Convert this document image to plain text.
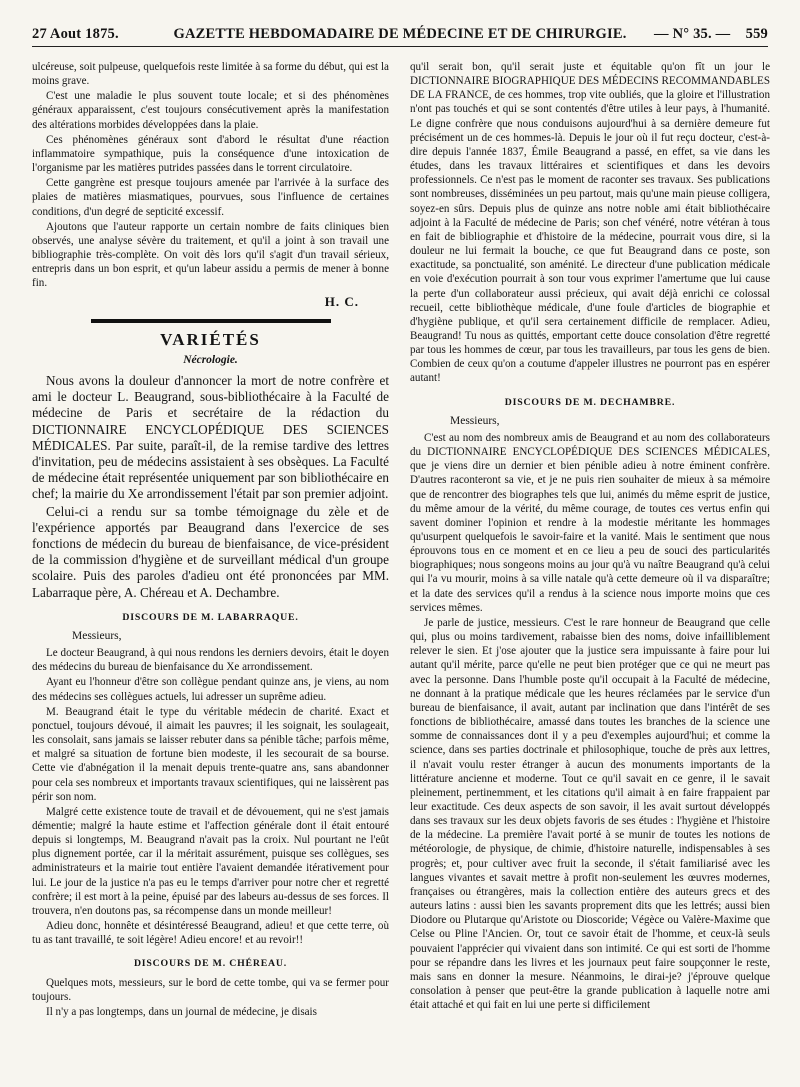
27 Aout 1875.	GAZETTE HEBDOMADAIRE DE MÉDECINE ET DE CHIRURGIE.	— N° 35. — 559

ulcéreuse, soit pulpeuse, quelquefois reste limitée à sa forme du début, qui est la moins grave.

C'est une maladie le plus souvent toute locale; et si des phénomènes généraux apparaissent, c'est toujours consécutivement après la manifestation des altérations morbides développées dans la plaie.

Ces phénomènes généraux sont d'abord le résultat d'une réaction inflammatoire sympathique, puis la conséquence d'une intoxication de l'organisme par les matières putrides passées dans le torrent circulatoire.

Cette gangrène est presque toujours amenée par l'arrivée à la surface des plaies de matières miasmatiques, pourvues, sous l'influence de certaines conditions, d'un degré de septicité excessif.

Ajoutons que l'auteur rapporte un certain nombre de faits cliniques bien observés, une analyse sévère du traitement, et qu'il a joint à son travail une bibliographie très-complète. On voit dès lors qu'il s'agit d'un travail sérieux, entrepris dans un bon esprit, et qu'un labeur assidu a permis de mener à bonne fin.

H. C.
VARIÉTÉS
Nécrologie.

Nous avons la douleur d'annoncer la mort de notre confrère et ami le docteur L. Beaugrand, sous-bibliothécaire à la Faculté de médecine de Paris et secrétaire de la rédaction du DICTIONNAIRE ENCYCLOPÉDIQUE DES SCIENCES MÉDICALES. Par suite, paraît-il, de la remise tardive des lettres d'invitation, peu de médecins assistaient à ses obsèques. La Faculté de médecine était représentée uniquement par son bibliothécaire en chef; la mairie du Xe arrondissement l'était par son premier adjoint.

Celui-ci a rendu sur sa tombe témoignage du zèle et de l'expérience apportés par Beaugrand dans l'exercice de ses fonctions de médecin du bureau de bienfaisance, de vice-président de la commission d'hygiène et de surveillant médical d'un groupe scolaire. Puis des paroles d'adieu ont été prononcées par MM. Labarraque père, A. Chéreau et A. Dechambre.

DISCOURS DE M. LABARRAQUE.
Messieurs,

Le docteur Beaugrand, à qui nous rendons les derniers devoirs, était le doyen des médecins du bureau de bienfaisance du Xe arrondissement.

Ayant eu l'honneur d'être son collègue pendant quinze ans, je viens, au nom des médecins ses collègues actuels, lui adresser un suprême adieu.

M. Beaugrand était le type du véritable médecin de charité. Exact et ponctuel, toujours dévoué, il aimait les pauvres; il les soignait, les soulageait, les consolait, sans jamais se laisser rebuter dans sa pénible tâche; parfois même, et malgré sa situation de fortune bien modeste, il les secourait de sa bourse. Cette vie d'abnégation il la menait depuis trente-quatre ans, sans abandonner pour cela ses nombreux et importants travaux scientifiques, qui ne laissèrent pas périr son nom.

Malgré cette existence toute de travail et de dévouement, qui ne s'est jamais démentie; malgré la haute estime et l'affection générale dont il était entouré depuis si longtemps, M. Beaugrand n'avait pas la croix. Nul pourtant ne l'eût plus dignement portée, car il la méritait assurément, puisque ses collègues, ses administrateurs et la mairie tout entière l'avaient demandée itérativement pour lui. Le jour de la justice n'a pas eu le temps d'arriver pour notre cher et regretté confrère; il est mort à la peine, épuisé par des labeurs au-dessus de ses forces. Il trouvera, n'en doutons pas, sa récompense dans un monde meilleur!

Adieu donc, honnête et désintéressé Beaugrand, adieu! et que cette terre, où tu as tant travaillé, te soit légère! Adieu encore! et au revoir!!

DISCOURS DE M. CHÉREAU.

Quelques mots, messieurs, sur le bord de cette tombe, qui va se fermer pour toujours.

Il n'y a pas longtemps, dans un journal de médecine, je disais

qu'il serait bon, qu'il serait juste et équitable qu'on fît un jour le DICTIONNAIRE BIOGRAPHIQUE DES MÉDECINS RECOMMANDABLES DE LA FRANCE, de ces hommes, trop vite oubliés, que la gloire et l'illustration n'ont pas touchés et qui se sont contentés d'être utiles à leur pays, à l'humanité. Le digne confrère que nous conduisons aujourd'hui à sa dernière demeure fut précisément un de ces hommes-là. Depuis le jour où il fut reçu docteur, c'est-à-dire depuis l'année 1837, Émile Beaugrand a passé, en effet, sa vie dans les études, dans les travaux littéraires et scientifiques et dans les devoirs professionnels. Ce n'est pas le moment de raconter ses travaux. Ses publications sont nombreuses, disséminées un peu partout, mais qu'une main pieuse colligera, soyez-en sûrs. Depuis plus de quinze ans notre noble ami était bibliothécaire adjoint à la Faculté de médecine de Paris; son chef vénéré, notre vétéran à tous en fait de bibliographie et d'histoire de la médecine, pourrait vous dire, si la douleur ne lui fermait la bouche, ce que fut Beaugrand dans ce poste, son exactitude, sa ponctualité, son aménité. Le directeur d'une publication médicale en voie d'exécution pourrait à son tour vous exprimer l'amertume que lui cause la perte d'un collaborateur aussi précieux, qui avait déjà enrichi ce colossal recueil, cette bibliothèque médicale, d'une foule d'articles de biographie et d'hygiène publique, et qu'il sera certainement difficile de remplacer. Adieu, Beaugrand! Tu nous as quittés, emportant cette douce consolation d'être regretté par tous les hommes de cœur, par tous les travailleurs, par tous les gens de bien. Combien de ceux qu'on a coutume d'appeler illustres ne pourront pas en espérer autant!

DISCOURS DE M. DECHAMBRE.
Messieurs,

C'est au nom des nombreux amis de Beaugrand et au nom des collaborateurs du DICTIONNAIRE ENCYCLOPÉDIQUE DES SCIENCES MÉDICALES, que je viens dire un dernier et bien pénible adieu à notre éminent confrère. D'autres raconteront sa vie, et je ne puis rien souhaiter de mieux à sa mémoire que de rencontrer des biographes tels que lui, animés du même esprit de justice, du même amour de la vérité, du même courage, de toutes ces vertus enfin qui savent dominer l'opinion et rendre à la modestie méritante les hommages qu'usurpent quelquefois le savoir-faire et la vanité. Mais le sentiment que nous éprouvons tous en ce moment et en ce lieu a peu de souci des particularités biographiques; nous songeons moins au jour qu'à vu naître Beaugrand qu'à celui qui l'a vu mourir, moins à sa ville natale qu'à cette demeure où il va disparaître; et la date des services qu'il a rendus à la science nous importe moins que ces services mêmes.

Je parle de justice, messieurs. C'est le rare honneur de Beaugrand que celle qui, plus ou moins tardivement, rabaisse bien des noms, doive infailliblement relever le sien. Et j'ose ajouter que la justice sera impuissante à faire pour lui autant qu'il mérite, parce qu'elle ne peut bien protéger que ce qui ne meurt pas avec la personne. Dans l'humble poste qu'il occupait à la Faculté de médecine, ne donnant à la pratique médicale que les heures réclamées par le service d'un bureau de bienfaisance, il avait, autant par inclination que dans l'intérêt de ses fonctions de bibliothécaire, amassé dans toutes les branches de la science une somme de connaissances dont il y a peu d'exemples aujourd'hui; et comme la science, dans ses parties doctrinale et philosophique, touche de près aux lettres, il n'avait voulu rester étranger à aucun des monuments importants de la littérature ancienne et moderne. Tout ce qu'il savait en ce genre, il le savait pleinement, pertinemment, et les citations qu'il aimait à en faire frappaient par leur exactitude. Ces deux aspects de son savoir, il les avait surtout développés dans ses travaux sur les deux objets favoris de ses études : l'hygiène et l'histoire de la médecine. La première l'avait porté à se munir de toutes les notions de météorologie, de physique, de chimie, d'histoire naturelle, indispensables à ses progrès; et, pour cultiver avec fruit la seconde, il s'était familiarisé avec les langues vivantes et savait mettre à profit non-seulement les œuvres modernes, françaises ou étrangères, mais la collection entière des auteurs grecs et des auteurs latins : aussi bien les savants proprement dits que les lettrés; aussi bien Diodore ou Plutarque qu'Aristote ou Dioscoride; Végèce ou Valère-Maxime que Celse ou Pline l'Ancien. Or, tout ce savoir était de l'homme, et ceux-là seuls pouvaient l'apprécier qui vivaient dans son intimité. Ce qui est sorti de l'homme pour se répandre dans les livres et les journaux peut faire soupçonner le reste, mais sans en donner la mesure. Néanmoins, le dirai-je? j'éprouve quelque consolation à penser que peut-être la grande publication à laquelle notre ami était attaché et qui fait en lui une perte si difficilement
